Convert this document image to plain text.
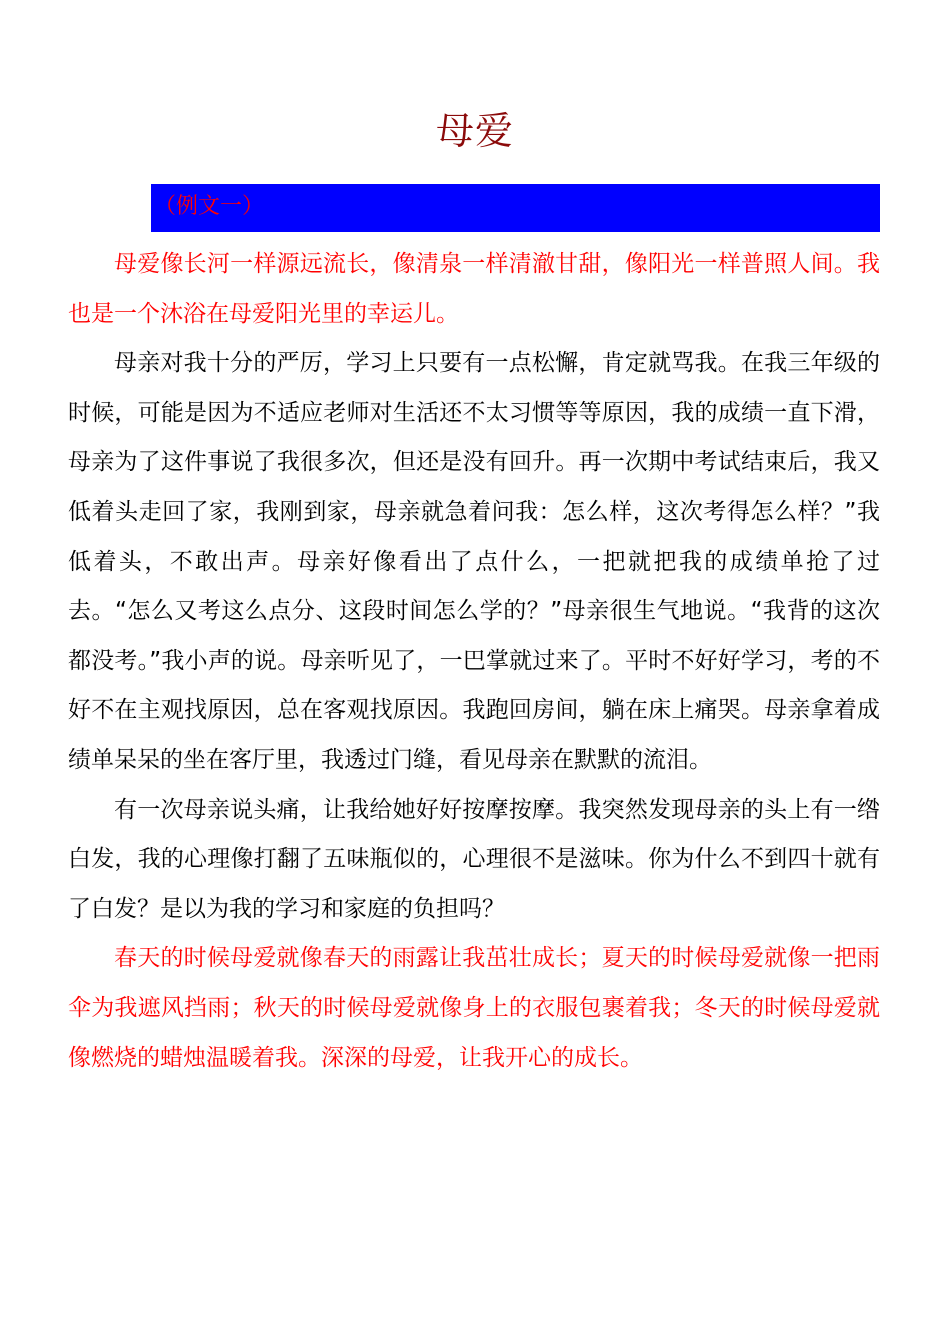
母爱
（例文一）

母爱像长河一样源远流长，像清泉一样清澈甘甜，像阳光一样普照人间。我也是一个沐浴在母爱阳光里的幸运儿。

母亲对我十分的严厉，学习上只要有一点松懈，肯定就骂我。在我三年级的时候，可能是因为不适应老师对生活还不太习惯等等原因，我的成绩一直下滑，母亲为了这件事说了我很多次，但还是没有回升。再一次期中考试结束后，我又低着头走回了家，我刚到家，母亲就急着问我：怎么样，这次考得怎么样？”我低着头，不敢出声。母亲好像看出了点什么，一把就把我的成绩单抢了过去。“怎么又考这么点分、这段时间怎么学的？”母亲很生气地说。“我背的这次都没考。”我小声的说。母亲听见了，一巴掌就过来了。平时不好好学习，考的不好不在主观找原因，总在客观找原因。我跑回房间，躺在床上痛哭。母亲拿着成绩单呆呆的坐在客厅里，我透过门缝，看见母亲在默默的流泪。

有一次母亲说头痛，让我给她好好按摩按摩。我突然发现母亲的头上有一绺白发，我的心理像打翻了五味瓶似的，心理很不是滋味。你为什么不到四十就有了白发？是以为我的学习和家庭的负担吗？

春天的时候母爱就像春天的雨露让我茁壮成长；夏天的时候母爱就像一把雨伞为我遮风挡雨；秋天的时候母爱就像身上的衣服包裹着我；冬天的时候母爱就像燃烧的蜡烛温暖着我。深深的母爱，让我开心的成长。
